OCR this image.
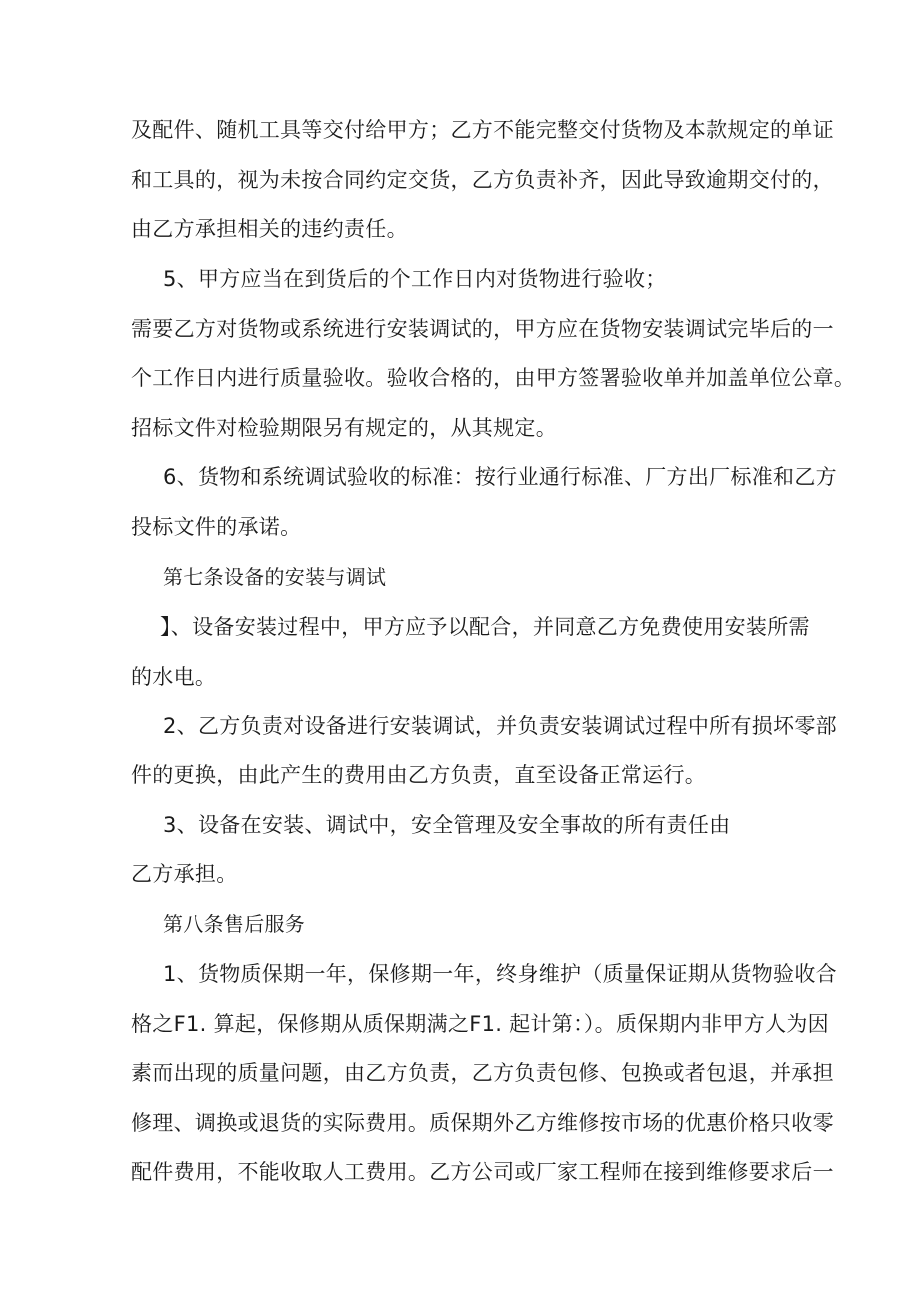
及配件、随机工具等交付给甲方；乙方不能完整交付货物及本款规定的单证
和工具的，视为未按合同约定交货，乙方负责补齐，因此导致逾期交付的，
由乙方承担相关的违约责任。
5、甲方应当在到货后的个工作日内对货物进行验收；
需要乙方对货物或系统进行安装调试的，甲方应在货物安装调试完毕后的一
个工作日内进行质量验收。验收合格的，由甲方签署验收单并加盖单位公章。
招标文件对检验期限另有规定的，从其规定。
6、货物和系统调试验收的标准：按行业通行标准、厂方出厂标准和乙方
投标文件的承诺。
第七条设备的安装与调试
】、设备安装过程中，甲方应予以配合，并同意乙方免费使用安装所需
的水电。
2、乙方负责对设备进行安装调试，并负责安装调试过程中所有损坏零部
件的更换，由此产生的费用由乙方负责，直至设备正常运行。
3、设备在安装、调试中，安全管理及安全事故的所有责任由
乙方承担。
第八条售后服务
1、货物质保期一年，保修期一年，终身维护（质量保证期从货物验收合
格之F1. 算起，保修期从质保期满之F1. 起计第：）。质保期内非甲方人为因
素而出现的质量问题，由乙方负责，乙方负责包修、包换或者包退，并承担
修理、调换或退货的实际费用。质保期外乙方维修按市场的优惠价格只收零
配件费用，不能收取人工费用。乙方公司或厂家工程师在接到维修要求后一
